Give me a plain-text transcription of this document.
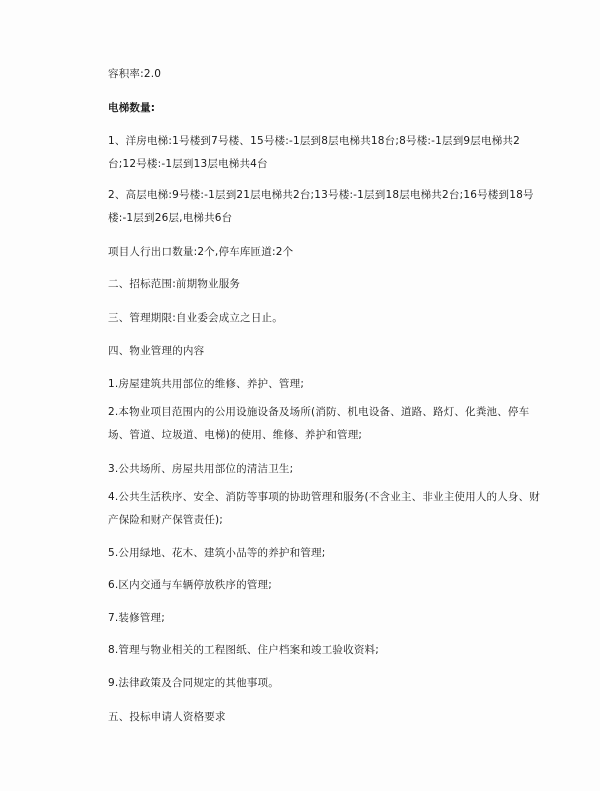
容积率:2.0
电梯数量:
1、洋房电梯:1号楼到7号楼、15号楼:-1层到8层电梯共18台;8号楼:-1层到9层电梯共2台;12号楼:-1层到13层电梯共4台
2、高层电梯:9号楼:-1层到21层电梯共2台;13号楼:-1层到18层电梯共2台;16号楼到18号楼:-1层到26层,电梯共6台
项目人行出口数量:2个,停车库匝道:2个
二、招标范围:前期物业服务
三、管理期限:自业委会成立之日止。
四、物业管理的内容
1.房屋建筑共用部位的维修、养护、管理;
2.本物业项目范围内的公用设施设备及场所(消防、机电设备、道路、路灯、化粪池、停车场、管道、垃圾道、电梯)的使用、维修、养护和管理;
3.公共场所、房屋共用部位的清洁卫生;
4.公共生活秩序、安全、消防等事项的协助管理和服务(不含业主、非业主使用人的人身、财产保险和财产保管责任);
5.公用绿地、花木、建筑小品等的养护和管理;
6.区内交通与车辆停放秩序的管理;
7.装修管理;
8.管理与物业相关的工程图纸、住户档案和竣工验收资料;
9.法律政策及合同规定的其他事项。
五、投标申请人资格要求
